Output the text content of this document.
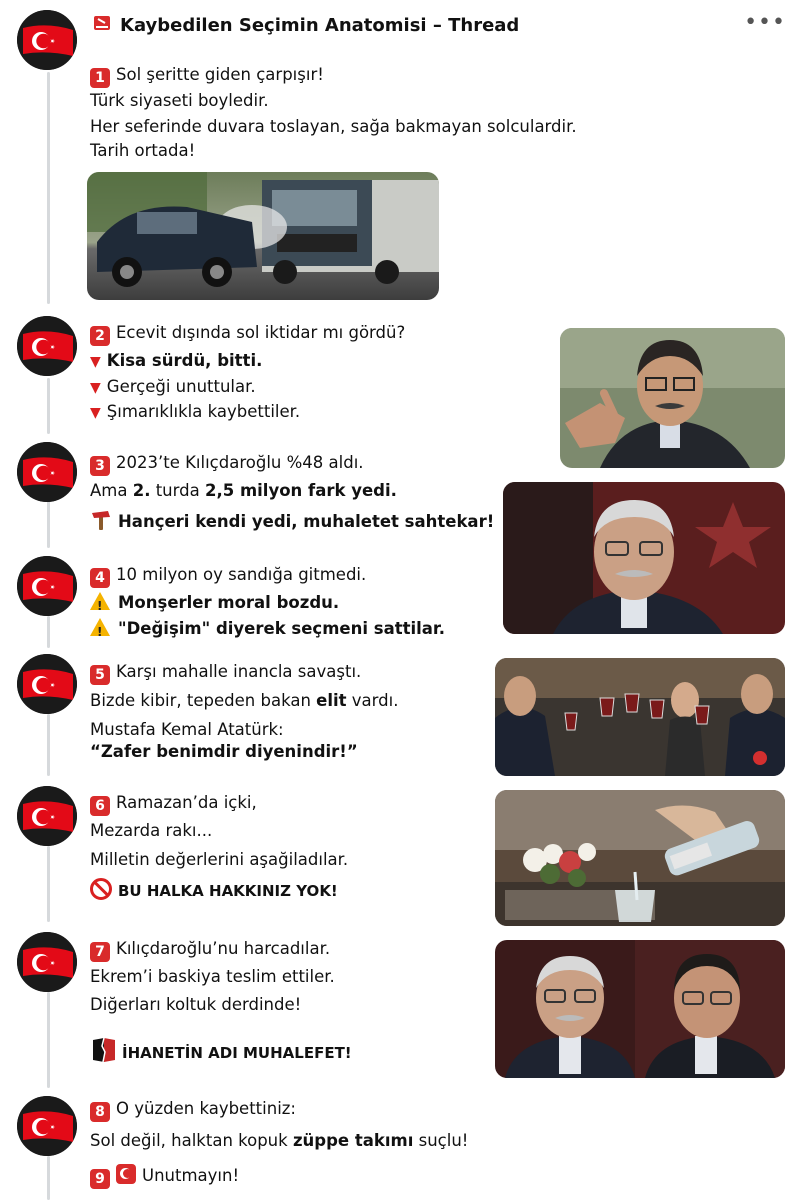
Kaybedilen Seçimin Anatomisi – Thread	•••
1 Sol şeritte giden çarpışır!
Türk siyaseti boyledir.
Her seferinde duvara toslayan, sağa bakmayan solculardir.
Tarih ortada!
2 Ecevit dışında sol iktidar mı gördü?
▼ Kisa sürdü, bitti.
▼ Gerçeği unuttular.
▼ Şımarıklıkla kaybettiler.
3 2023’te Kılıçdaroğlu %48 aldı.
Ama 2. turda 2,5 milyon fark yedi.
Hançeri kendi yedi, muhaletet sahtekar!
4 10 milyon oy sandığa gitmedi.
!Monşerler moral bozdu.
!"Değişim" diyerek seçmeni sattilar.
5 Karşı mahalle inancla savaştı.
Bizde kibir, tepeden bakan elit vardı.
Mustafa Kemal Atatürk:
“Zafer benimdir diyenindir!”
6 Ramazan’da içki,
Mezarda rakı...
Milletin değerlerini aşağiladılar.
BU HALKA HAKKINIZ YOK!
7 Kılıçdaroğlu’nu harcadılar.
Ekrem’i baskiya teslim ettiler.
Diğerları koltuk derdinde!
İHANETİN ADI MUHALEFET!
8 O yüzden kaybettiniz:
Sol değil, halktan kopuk züppe takımı suçlu!
9 Unutmayın!
